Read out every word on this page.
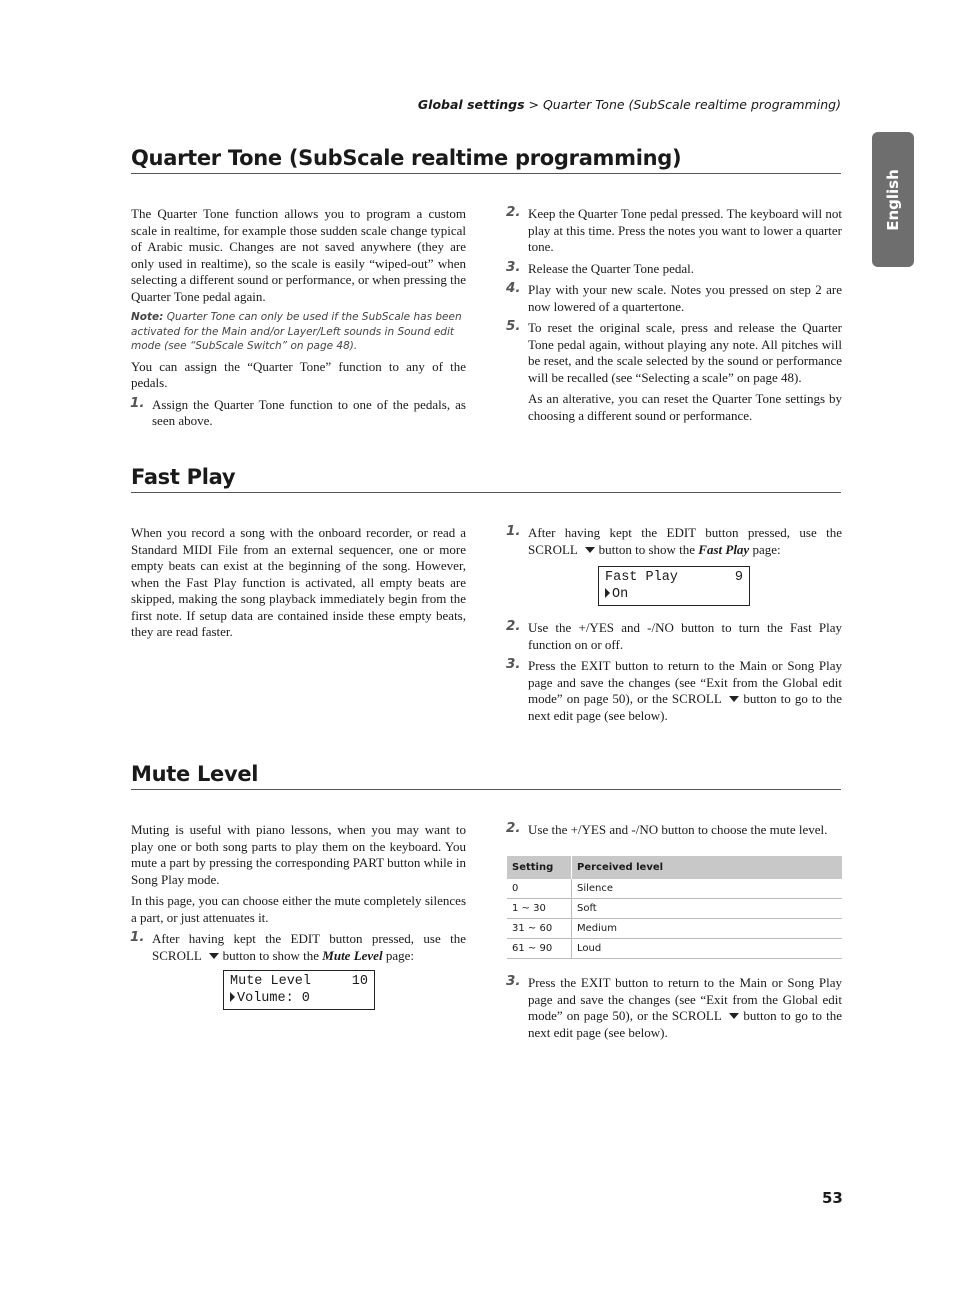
Global settings > Quarter Tone (SubScale realtime programming)
English
Quarter Tone (SubScale realtime programming)

The Quarter Tone function allows you to program a custom scale in realtime, for example those sudden scale change typical of Arabic music. Changes are not saved anywhere (they are only used in realtime), so the scale is easily “wiped-out” when selecting a different sound or performance, or when pressing the Quarter Tone pedal again.

Note: Quarter Tone can only be used if the SubScale has been activated for the Main and/or Layer/Left sounds in Sound edit mode (see “SubScale Switch” on page 48).

You can assign the “Quarter Tone” function to any of the pedals.

1. Assign the Quarter Tone function to one of the pedals, as seen above.
2. Keep the Quarter Tone pedal pressed. The keyboard will not play at this time. Press the notes you want to lower a quarter tone.
3. Release the Quarter Tone pedal.
4. Play with your new scale. Notes you pressed on step 2 are now lowered of a quartertone.
5. To reset the original scale, press and release the Quarter Tone pedal again, without playing any note. All pitches will be reset, and the scale selected by the sound or performance will be recalled (see “Selecting a scale” on page 48).

As an alterative, you can reset the Quarter Tone settings by choosing a different sound or performance.

Fast Play

When you record a song with the onboard recorder, or read a Standard MIDI File from an external sequencer, one or more empty beats can exist at the beginning of the song. However, when the Fast Play function is activated, all empty beats are skipped, making the song playback immediately begin from the first note. If setup data are contained inside these empty beats, they are read faster.

1. After having kept the EDIT button pressed, use the SCROLL button to show the Fast Play page:
Fast Play	9
On
2. Use the +/YES and -/NO button to turn the Fast Play function on or off.
3. Press the EXIT button to return to the Main or Song Play page and save the changes (see “Exit from the Global edit mode” on page 50), or the SCROLL button to go to the next edit page (see below).
Mute Level

Muting is useful with piano lessons, when you may want to play one or both song parts to play them on the keyboard. You mute a part by pressing the corresponding PART button while in Song Play mode.

In this page, you can choose either the mute completely silences a part, or just attenuates it.

1. After having kept the EDIT button pressed, use the SCROLL button to show the Mute Level page:
Mute Level	10
Volume: 0
2. Use the +/YES and -/NO button to choose the mute level.
Setting	Perceived level
0	Silence
1 ~ 30	Soft
31 ~ 60	Medium
61 ~ 90	Loud
3. Press the EXIT button to return to the Main or Song Play page and save the changes (see “Exit from the Global edit mode” on page 50), or the SCROLL button to go to the next edit page (see below).
53
